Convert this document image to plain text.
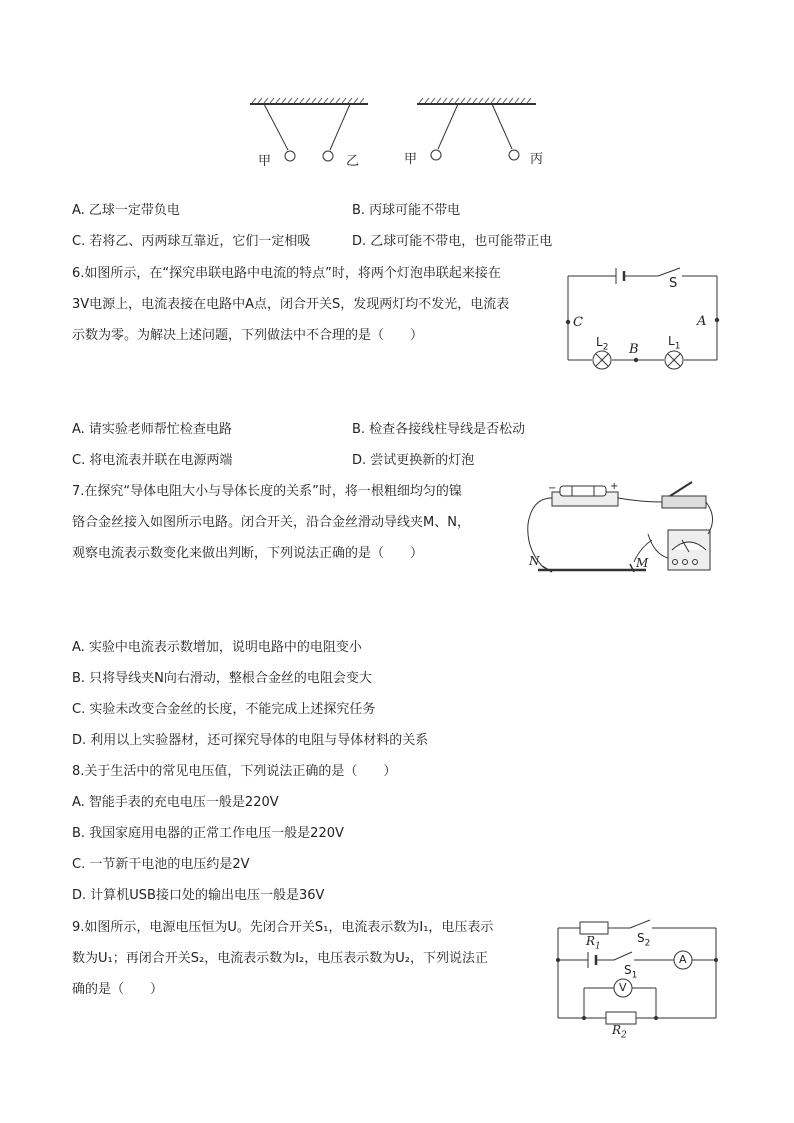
甲	乙	甲	丙
A. 乙球一定带负电	B. 丙球可能不带电
C. 若将乙、丙两球互靠近，它们一定相吸	D. 乙球可能不带电，也可能带正电
6.如图所示，在“探究串联电路中电流的特点”时，将两个灯泡串联起来接在
3V电源上，电流表接在电路中A点，闭合开关S，发现两灯均不发光，电流表
示数为零。为解决上述问题，下列做法中不合理的是（　　）
S
C	A
B
$L_2$	$L_1$
A. 请实验老师帮忙检查电路	B. 检查各接线柱导线是否松动
C. 将电流表并联在电源两端	D. 尝试更换新的灯泡
7.在探究“导体电阻大小与导体长度的关系”时，将一根粗细均匀的镍
铬合金丝接入如图所示电路。闭合开关，沿合金丝滑动导线夹M、N，
观察电流表示数变化来做出判断，下列说法正确的是（　　）	N	M
−	+
A. 实验中电流表示数增加，说明电路中的电阻变小
B. 只将导线夹N向右滑动，整根合金丝的电阻会变大
C. 实验未改变合金丝的长度，不能完成上述探究任务
D. 利用以上实验器材，还可探究导体的电阻与导体材料的关系
8.关于生活中的常见电压值，下列说法正确的是（　　）
A. 智能手表的充电电压一般是220V
B. 我国家庭用电器的正常工作电压一般是220V
C. 一节新干电池的电压约是2V
D. 计算机USB接口处的输出电压一般是36V
9.如图所示，电源电压恒为U。先闭合开关S₁，电流表示数为I₁，电压表示
数为U₁；再闭合开关S₂，电流表示数为I₂，电压表示数为U₂，下列说法正
确的是（　　）
$R_1$
$S_2$
$S_1$
A
V
$R_2$
